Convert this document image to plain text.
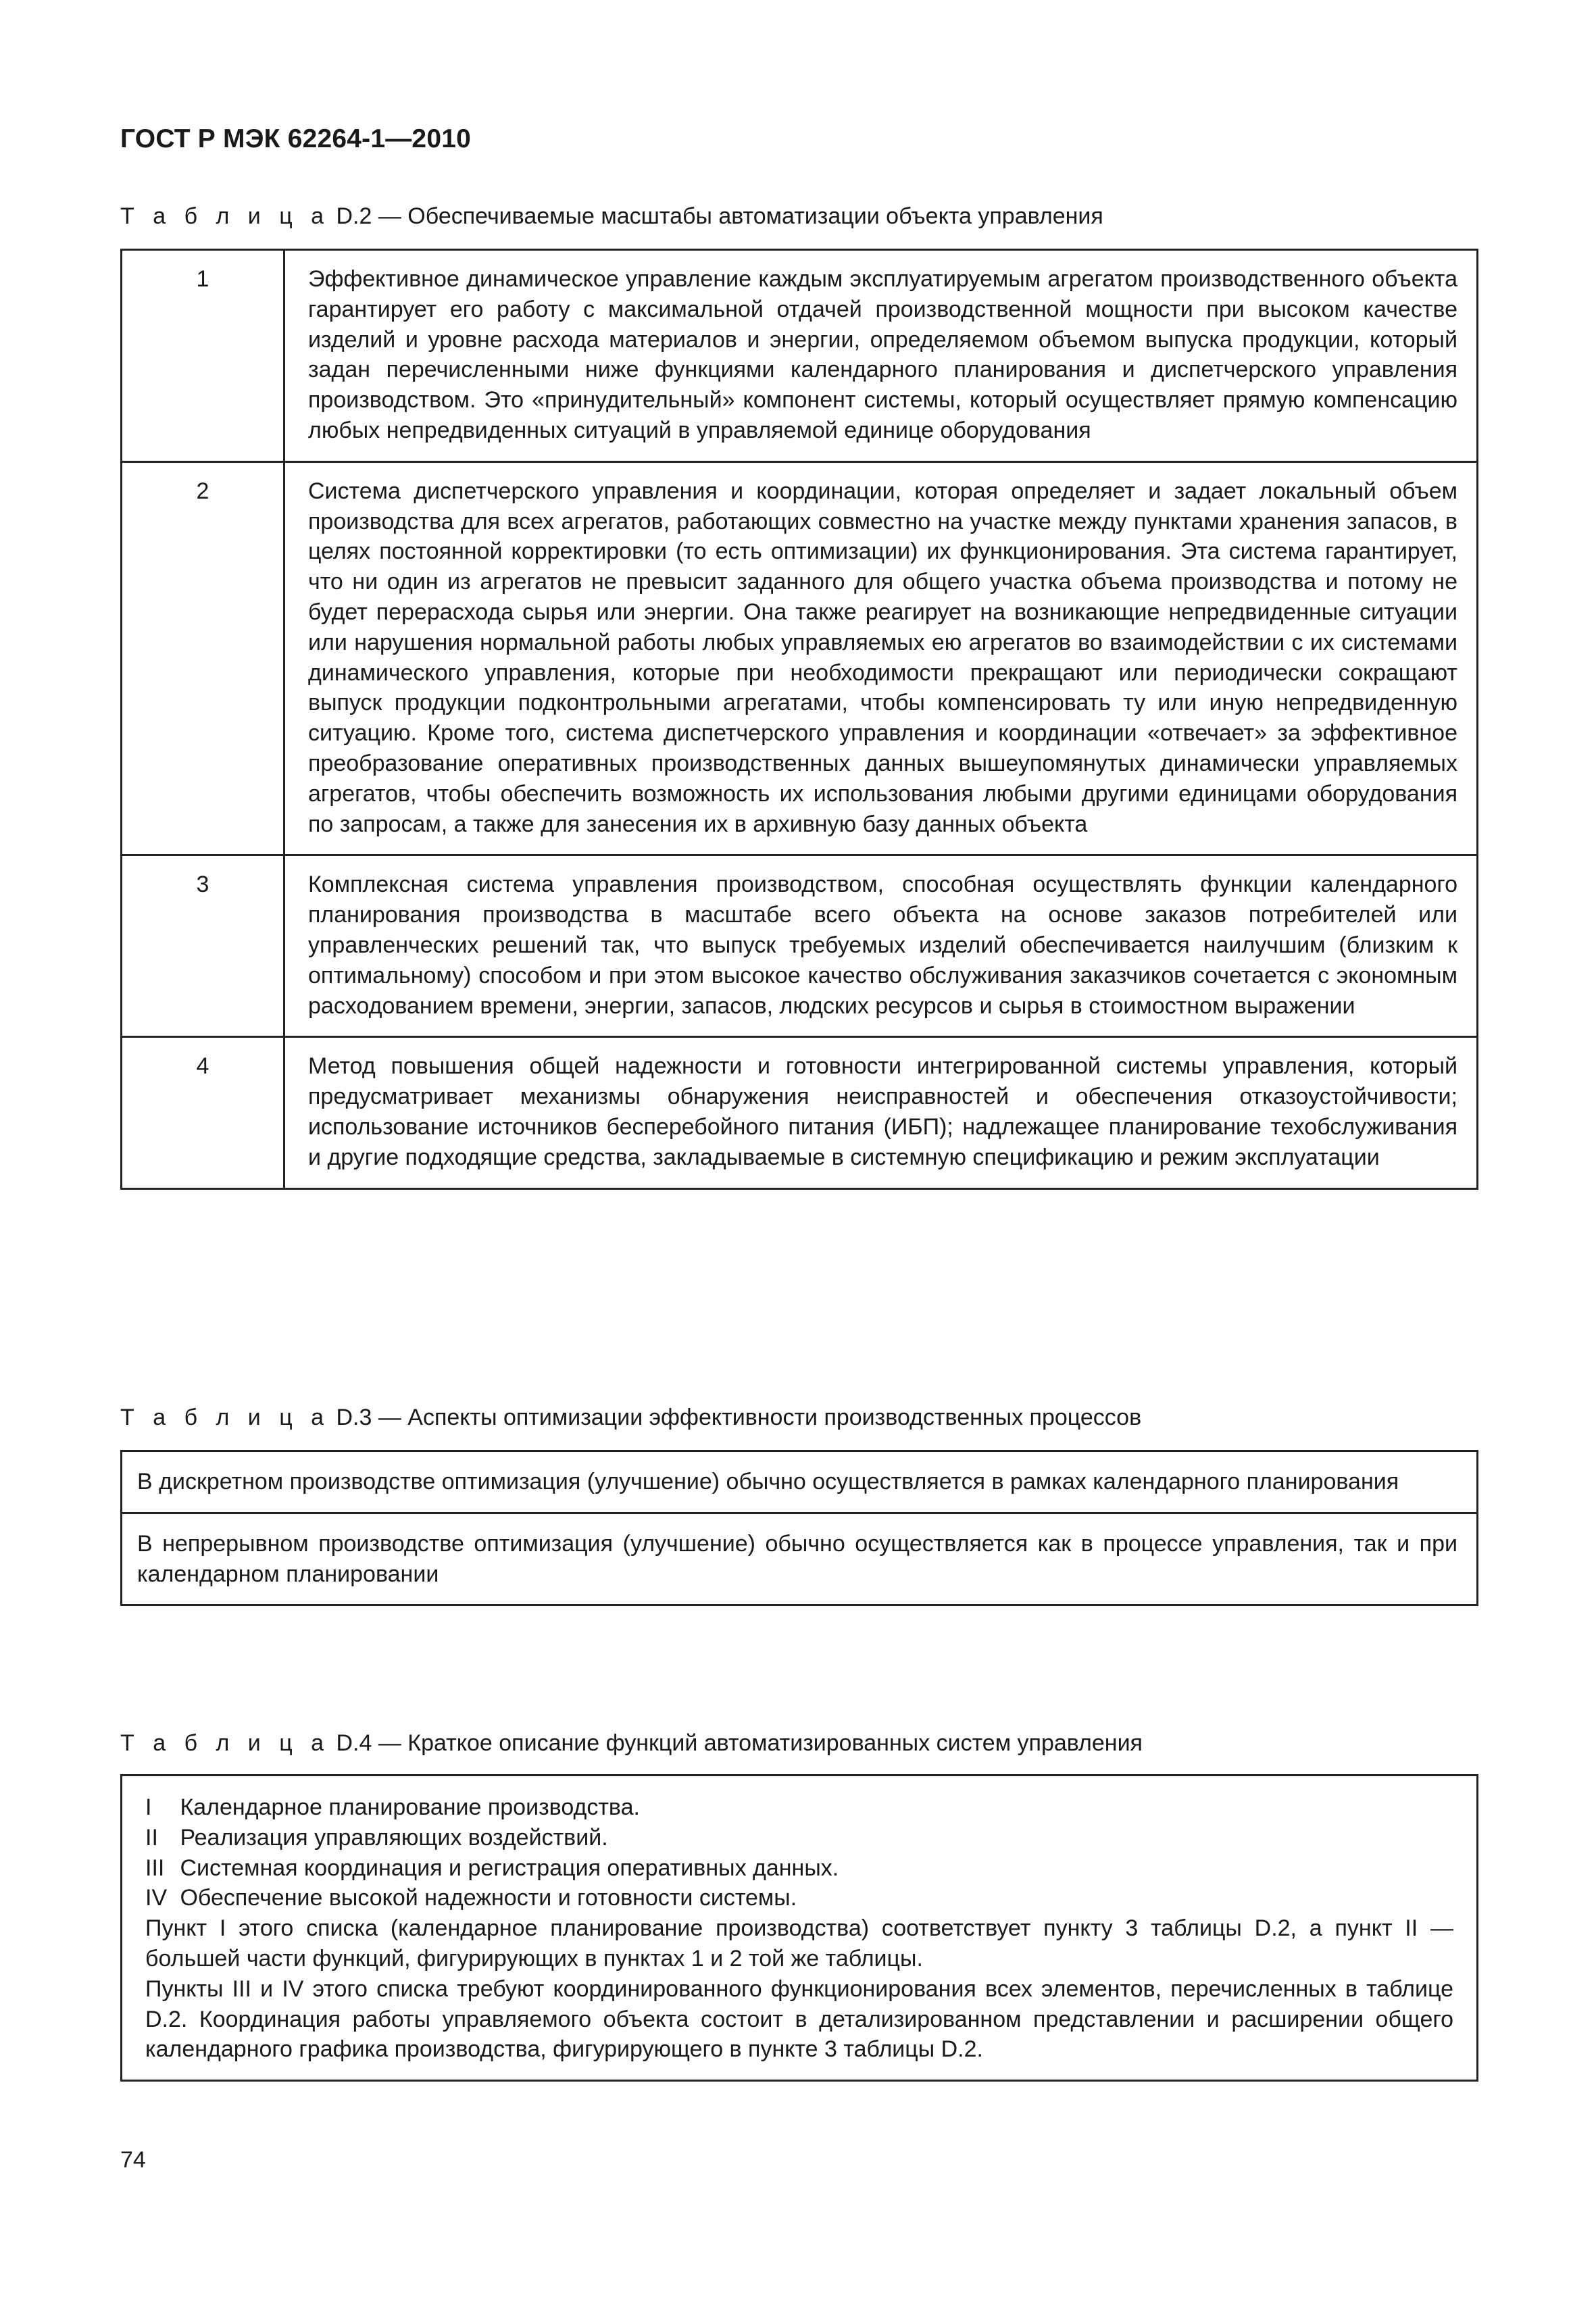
ГОСТ Р МЭК 62264-1—2010
Т а б л и ц а D.2 — Обеспечиваемые масштабы автоматизации объекта управления
1	Эффективное динамическое управление каждым эксплуатируемым агрегатом производственного объекта гарантирует его работу с максимальной отдачей производственной мощности при высоком качестве изделий и уровне расхода материалов и энергии, определяемом объемом выпуска продукции, который задан перечисленными ниже функциями календарного планирования и диспетчерского управления производством. Это «принудительный» компонент системы, который осуществляет прямую компенсацию любых непредвиденных ситуаций в управляемой единице оборудования
2	Система диспетчерского управления и координации, которая определяет и задает локальный объем производства для всех агрегатов, работающих совместно на участке между пунктами хранения запасов, в целях постоянной корректировки (то есть оптимизации) их функционирования. Эта система гарантирует, что ни один из агрегатов не превысит заданного для общего участка объема производства и потому не будет перерасхода сырья или энергии. Она также реагирует на возникающие непредвиденные ситуации или нарушения нормальной работы любых управляемых ею агрегатов во взаимодействии с их системами динамического управления, которые при необходимости прекращают или периодически сокращают выпуск продукции подконтрольными агрегатами, чтобы компенсировать ту или иную непредвиденную ситуацию. Кроме того, система диспетчерского управления и координации «отвечает» за эффективное преобразование оперативных производственных данных вышеупомянутых динамически управляемых агрегатов, чтобы обеспечить возможность их использования любыми другими единицами оборудования по запросам, а также для занесения их в архивную базу данных объекта
3	Комплексная система управления производством, способная осуществлять функции календарного планирования производства в масштабе всего объекта на основе заказов потребителей или управленческих решений так, что выпуск требуемых изделий обеспечивается наилучшим (близким к оптимальному) способом и при этом высокое качество обслуживания заказчиков сочетается с экономным расходованием времени, энергии, запасов, людских ресурсов и сырья в стоимостном выражении
4	Метод повышения общей надежности и готовности интегрированной системы управления, который предусматривает механизмы обнаружения неисправностей и обеспечения отказоустойчивости; использование источников бесперебойного питания (ИБП); надлежащее планирование техобслуживания и другие подходящие средства, закладываемые в системную спецификацию и режим эксплуатации
Т а б л и ц а D.3 — Аспекты оптимизации эффективности производственных процессов
В дискретном производстве оптимизация (улучшение) обычно осуществляется в рамках календарного планирования
В непрерывном производстве оптимизация (улучшение) обычно осуществляется как в процессе управления, так и при календарном планировании
Т а б л и ц а D.4 — Краткое описание функций автоматизированных систем управления
I Календарное планирование производства.
II Реализация управляющих воздействий.
III Системная координация и регистрация оперативных данных.
IV Обеспечение высокой надежности и готовности системы.
Пункт I этого списка (календарное планирование производства) соответствует пункту 3 таблицы D.2, а пункт II — большей части функций, фигурирующих в пунктах 1 и 2 той же таблицы.
Пункты III и IV этого списка требуют координированного функционирования всех элементов, перечисленных в таблице D.2. Координация работы управляемого объекта состоит в детализированном представлении и расширении общего календарного графика производства, фигурирующего в пункте 3 таблицы D.2.
74
